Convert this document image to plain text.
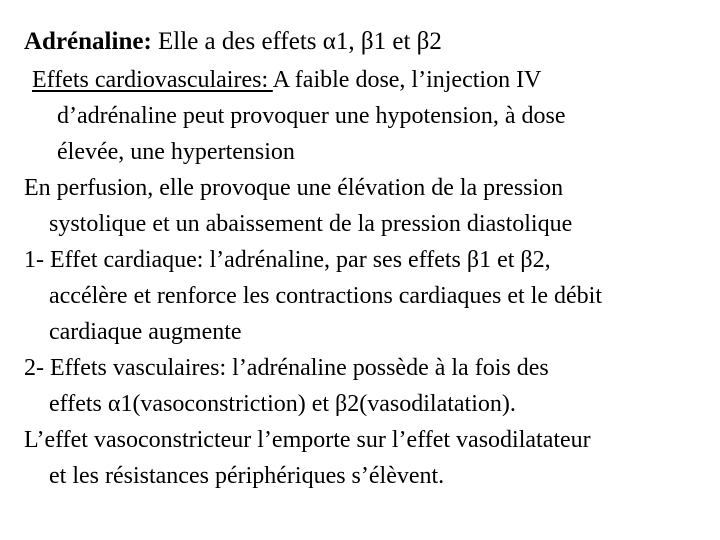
Adrénaline: Elle a des effets α1, β1 et β2
Effets cardiovasculaires: A faible dose, l’injection IV
d’adrénaline peut provoquer une hypotension, à dose
élevée, une hypertension
En perfusion, elle provoque une élévation de la pression
systolique et un abaissement de la pression diastolique
1- Effet cardiaque: l’adrénaline, par ses effets β1 et β2,
accélère et renforce les contractions cardiaques et le débit
cardiaque augmente
2- Effets vasculaires: l’adrénaline possède à la fois des
effets α1(vasoconstriction) et β2(vasodilatation).
L’effet vasoconstricteur l’emporte sur l’effet vasodilatateur
et les résistances périphériques s’élèvent.
